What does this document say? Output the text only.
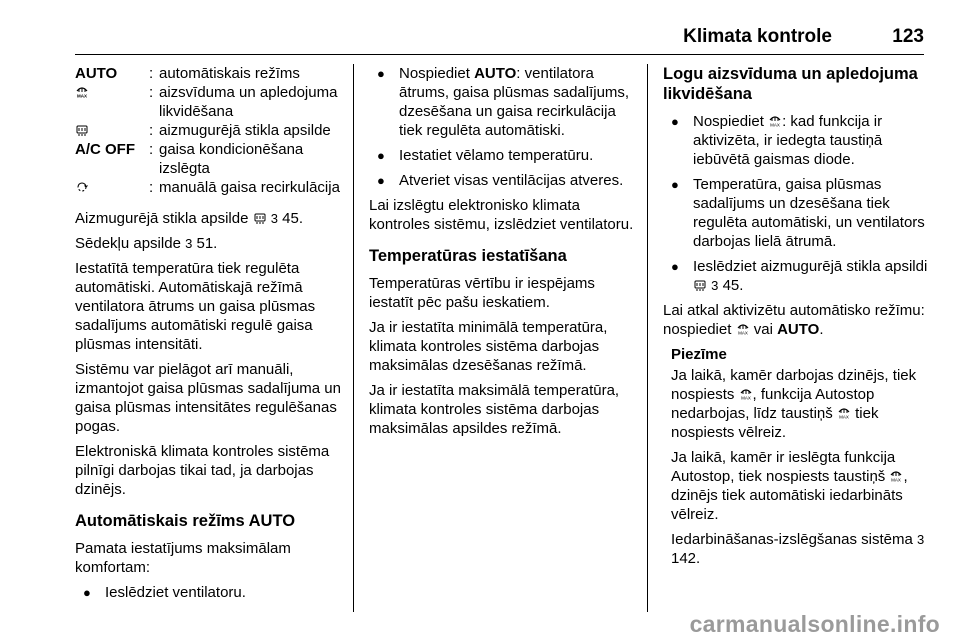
Klimata kontrole	123
AUTO	:	automātiskais režīms

MAX	:	aizsvīduma un apledojuma likvidēšana
	:	aizmugurējā stikla apsilde
A/C OFF	:	gaisa kondicionēšana izslēgta
	:	manuālā gaisa recirkulācija

Aizmugurējā stikla apsilde 3 45.

Sēdekļu apsilde 3 51.

Iestatītā temperatūra tiek regulēta automātiski. Automātiskajā režīmā ventilatora ātrums un gaisa plūsmas sadalījums automātiski regulē gaisa plūsmas intensitāti.

Sistēmu var pielāgot arī manuāli, izmantojot gaisa plūsmas sadalījuma un gaisa plūsmas intensitātes regulēšanas pogas.

Elektroniskā klimata kontroles sistēma pilnīgi darbojas tikai tad, ja darbojas dzinējs.

Automātiskais režīms AUTO

Pamata iestatījums maksimālam komfortam:

● Ieslēdziet ventilatoru.
● Nospiediet AUTO: ventilatora ātrums, gaisa plūsmas sadalījums, dzesēšana un gaisa recirkulācija tiek regulēta automātiski.
● Iestatiet vēlamo temperatūru.
● Atveriet visas ventilācijas atveres.

Lai izslēgtu elektronisko klimata kontroles sistēmu, izslēdziet ventilatoru.

Temperatūras iestatīšana

Temperatūras vērtību ir iespējams iestatīt pēc pašu ieskatiem.

Ja ir iestatīta minimālā temperatūra, klimata kontroles sistēma darbojas maksimālas dzesēšanas režīmā.

Ja ir iestatīta maksimālā temperatūra, klimata kontroles sistēma darbojas maksimālas apsildes režīmā.

Logu aizsvīduma un apledojuma likvidēšana
● Nospiediet MAX : kad funkcija ir aktivizēta, ir iedegta taustiņā iebūvētā gaismas diode.
● Temperatūra, gaisa plūsmas sadalījums un dzesēšana tiek regulēta automātiski, un ventilators darbojas lielā ātrumā.
● Ieslēdziet aizmugurējā stikla apsildi  3 45.

Lai atkal aktivizētu automātisko režīmu: nospiediet MAX vai AUTO.

Piezīme

Ja laikā, kamēr darbojas dzinējs, tiek nospiests MAX , funkcija Autostop nedarbojas, līdz taustiņš MAX tiek nospiests vēlreiz.

Ja laikā, kamēr ir ieslēgta funkcija Autostop, tiek nospiests taustiņš MAX , dzinējs tiek automātiski iedarbināts vēlreiz.

Iedarbināšanas-izslēgšanas sistēma 3 142.

carmanualsonline.info
